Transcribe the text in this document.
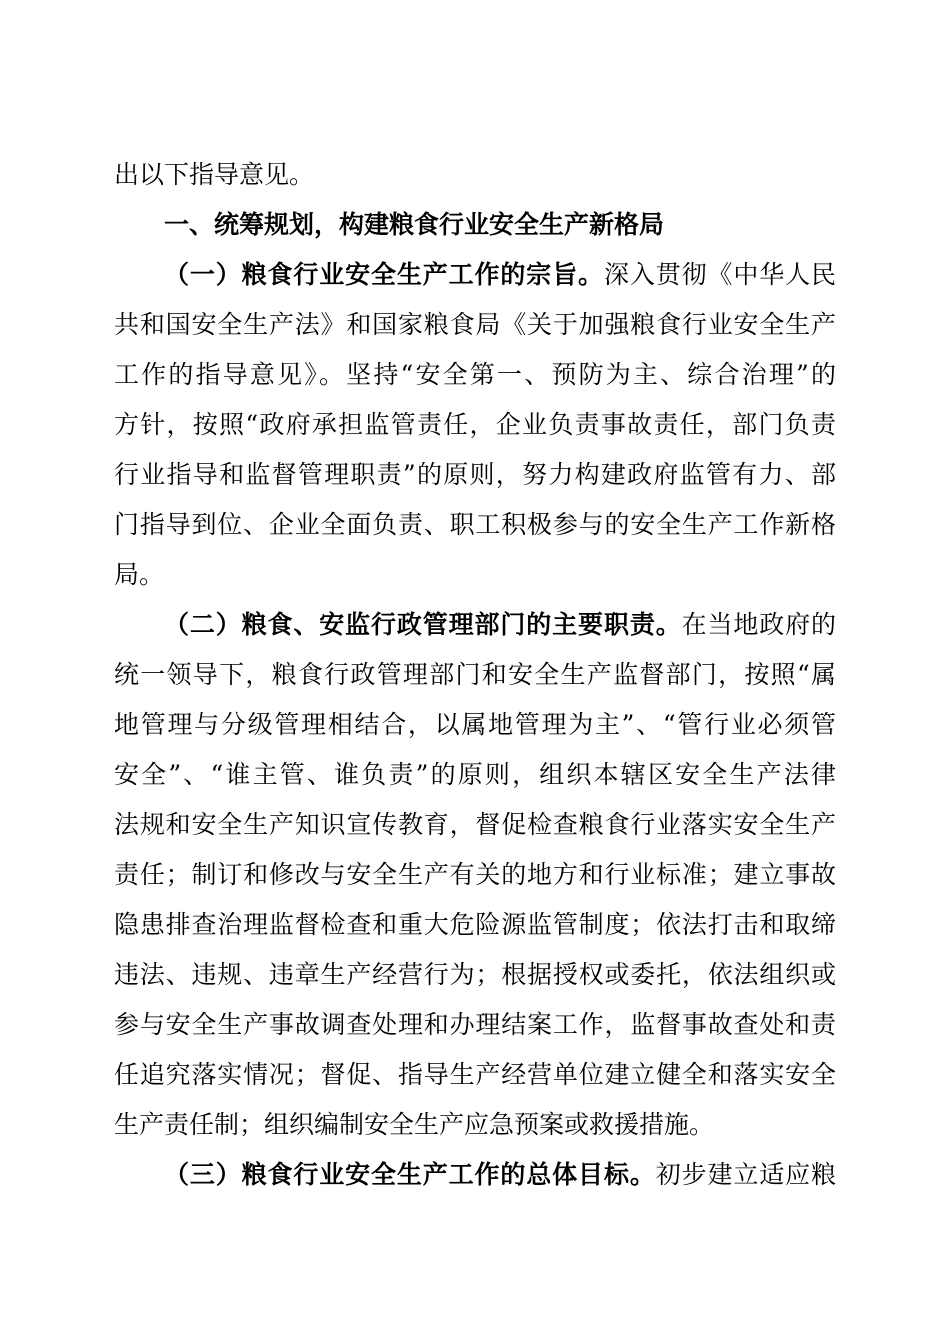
出以下指导意见。
一、统筹规划，构建粮食行业安全生产新格局
（一）粮食行业安全生产工作的宗旨。深入贯彻《中华人民
共和国安全生产法》和国家粮食局《关于加强粮食行业安全生产
工作的指导意见》。坚持“安全第一、预防为主、综合治理”的
方针，按照“政府承担监管责任，企业负责事故责任，部门负责
行业指导和监督管理职责”的原则，努力构建政府监管有力、部
门指导到位、企业全面负责、职工积极参与的安全生产工作新格
局。
（二）粮食、安监行政管理部门的主要职责。在当地政府的
统一领导下，粮食行政管理部门和安全生产监督部门，按照“属
地管理与分级管理相结合，以属地管理为主”、“管行业必须管
安全”、“谁主管、谁负责”的原则，组织本辖区安全生产法律
法规和安全生产知识宣传教育，督促检查粮食行业落实安全生产
责任；制订和修改与安全生产有关的地方和行业标准；建立事故
隐患排查治理监督检查和重大危险源监管制度；依法打击和取缔
违法、违规、违章生产经营行为；根据授权或委托，依法组织或
参与安全生产事故调查处理和办理结案工作，监督事故查处和责
任追究落实情况；督促、指导生产经营单位建立健全和落实安全
生产责任制；组织编制安全生产应急预案或救援措施。
（三）粮食行业安全生产工作的总体目标。初步建立适应粮
